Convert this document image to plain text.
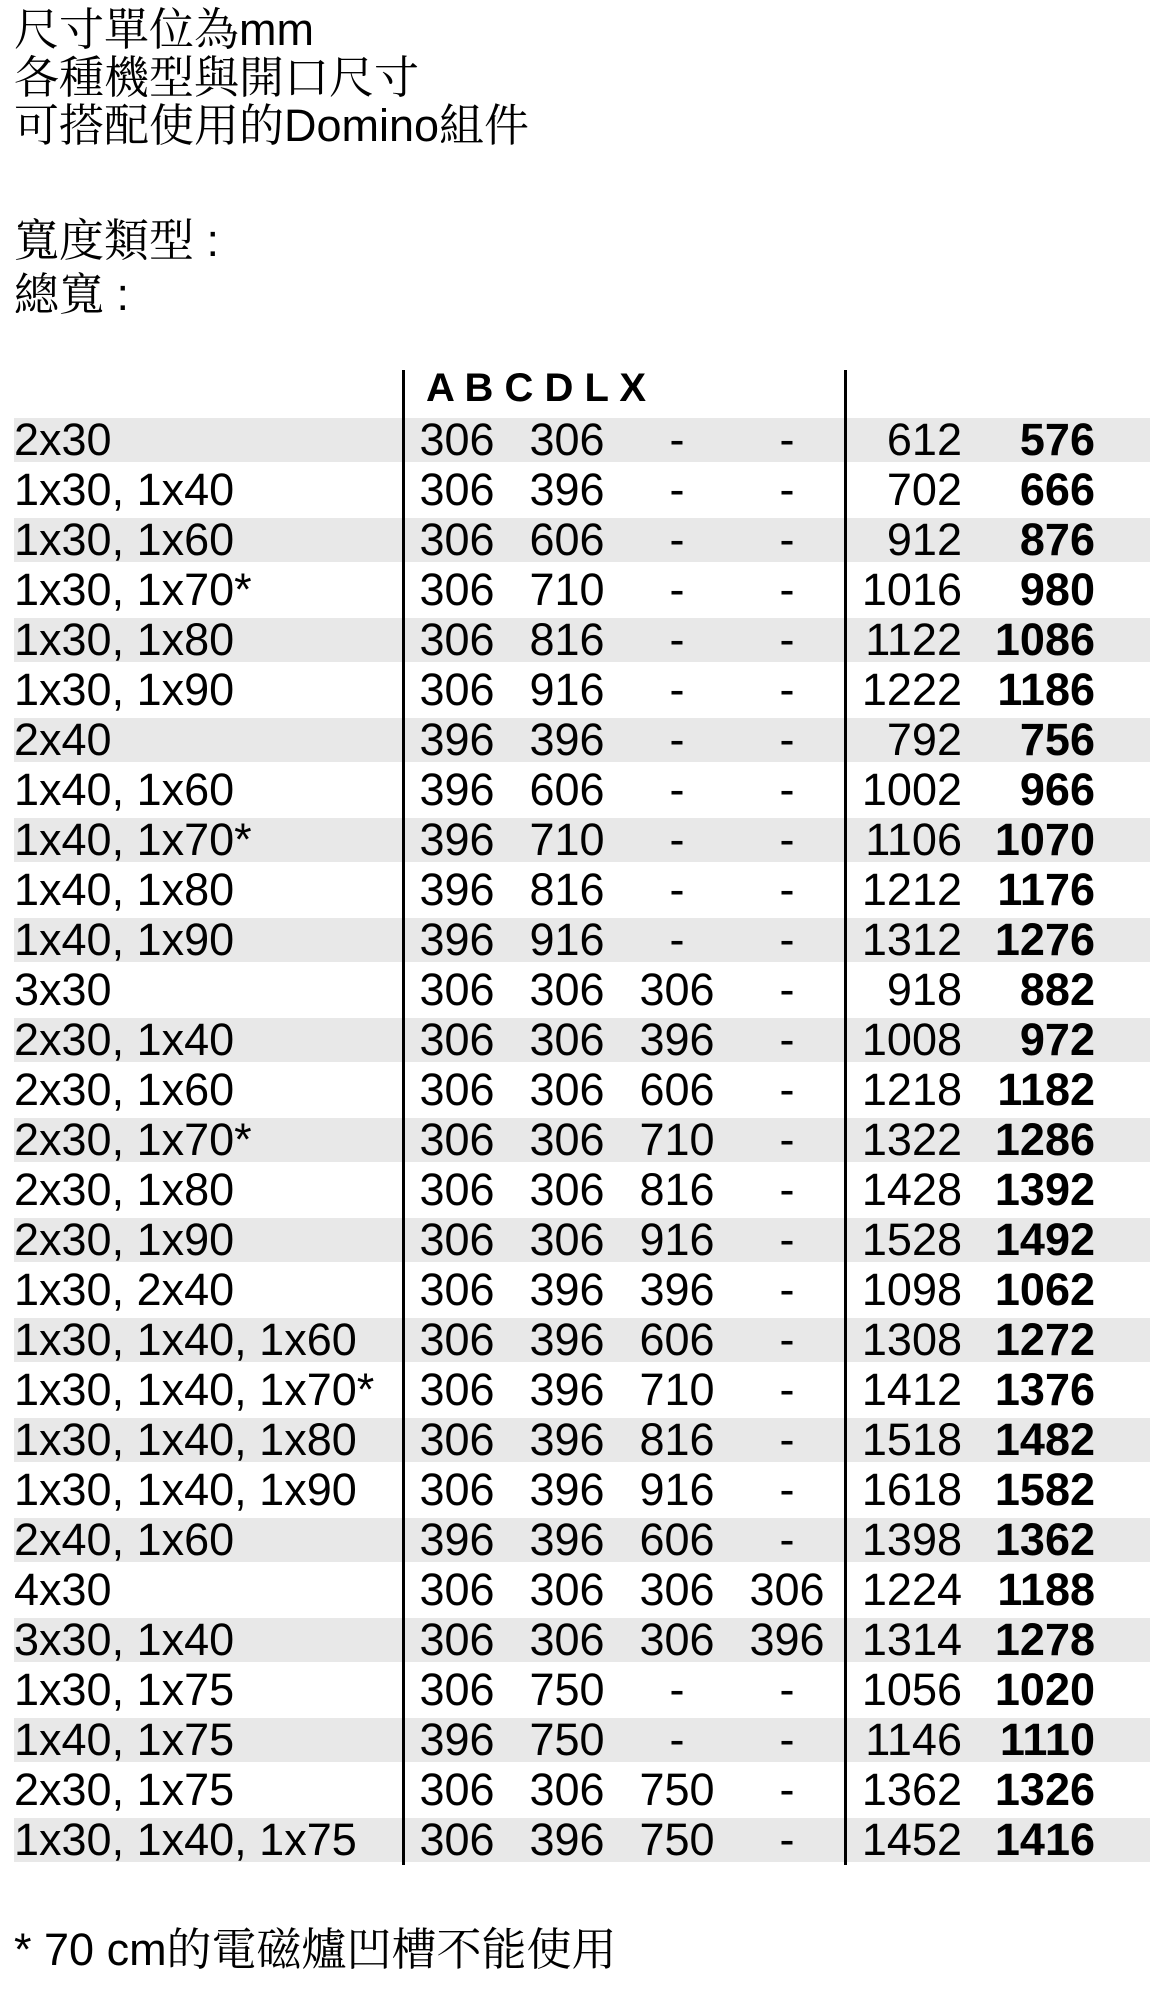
尺寸單位為mm
各種機型與開口尺寸
可搭配使用的Domino組件
寬度類型 :
總寬 :
A B C D L X
2x30	306 306	-	-	612	576
1x30, 1x40	306 396	-	-	702	666
1x30, 1x60	306 606	-	-	912	876
1x30, 1x70*	306 710	-	-	1016	980
1x30, 1x80	306 816	-	-	1122 1086
1x30, 1x90	306 916	-	-	1222 1186
2x40	396 396	-	-	792	756
1x40, 1x60	396 606	-	-	1002	966
1x40, 1x70*	396 710	-	-	1106 1070
1x40, 1x80	396 816	-	-	1212 1176
1x40, 1x90	396 916	-	-	1312 1276
3x30	306 306 306	-	918	882
2x30, 1x40	306 306 396	-	1008	972
2x30, 1x60	306 306 606	-	1218 1182
2x30, 1x70*	306 306 710	-	1322 1286
2x30, 1x80	306 306 816	-	1428 1392
2x30, 1x90	306 306 916	-	1528 1492
1x30, 2x40	306 396 396	-	1098 1062
1x30, 1x40, 1x60	306 396 606	-	1308 1272
1x30, 1x40, 1x70*	306 396 710	-	1412 1376
1x30, 1x40, 1x80	306 396 816	-	1518 1482
1x30, 1x40, 1x90	306 396 916	-	1618 1582
2x40, 1x60	396 396 606	-	1398 1362
4x30	306 306 306 306 1224 1188
3x30, 1x40	306 306 306 396 1314 1278
1x30, 1x75	306 750	-	-	1056 1020
1x40, 1x75	396 750	-	-	1146 1110
2x30, 1x75	306 306 750	-	1362 1326
1x30, 1x40, 1x75	306 396 750	-	1452 1416
* 70 cm的電磁爐凹槽不能使用
